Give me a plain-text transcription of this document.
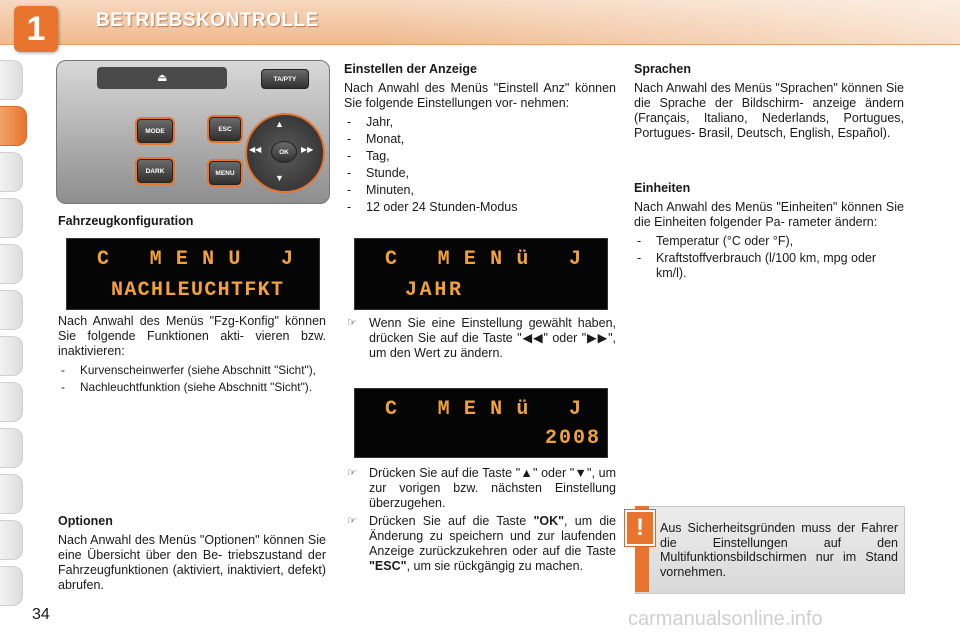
1	BETRIEBSKONTROLLE
⏏	TA/PTY
MODE
DARK
ESC
MENU
▲
▼
◀◀	▶▶
OK
Fahrzeugkonfiguration
C MENU J
NACHLEUCHTFKT

Nach Anwahl des Menüs "Fzg-Konfig" können Sie folgende Funktionen akti- vieren bzw. inaktivieren:

- Kurvenscheinwerfer (siehe Abschnitt "Sicht"),
- Nachleuchtfunktion (siehe Abschnitt "Sicht").
Optionen

Nach Anwahl des Menüs "Optionen" können Sie eine Übersicht über den Be- triebszustand der Fahrzeugfunktionen (aktiviert, inaktiviert, defekt) abrufen.

Einstellen der Anzeige

Nach Anwahl des Menüs "Einstell Anz" können Sie folgende Einstellungen vor- nehmen:

- Jahr,
- Monat,
- Tag,
- Stunde,
- Minuten,
- 12 oder 24 Stunden-Modus
C MENü J
JAHR
☞ Wenn Sie eine Einstellung gewählt haben, drücken Sie auf die Taste "◀◀" oder "▶▶", um den Wert zu ändern.
C MENü J
2008
☞ Drücken Sie auf die Taste "▲" oder "▼", um zur vorigen bzw. nächsten Einstellung überzugehen.
☞ Drücken Sie auf die Taste "OK", um die Änderung zu speichern und zur laufenden Anzeige zurückzukehren oder auf die Taste "ESC", um sie rückgängig zu machen.
Sprachen

Nach Anwahl des Menüs "Sprachen" können Sie die Sprache der Bildschirm- anzeige ändern (Français, Italiano, Nederlands, Portugues, Portugues- Brasil, Deutsch, English, Español).

Einheiten

Nach Anwahl des Menüs "Einheiten" können Sie die Einheiten folgender Pa- rameter ändern:

- Temperatur (°C oder °F),
- Kraftstoffverbrauch (l/100 km, mpg oder km/l).
!	Aus Sicherheitsgründen muss der Fahrer die Einstellungen auf den Multifunktionsbildschirmen nur im Stand vornehmen.
34	carmanualsonline.info
